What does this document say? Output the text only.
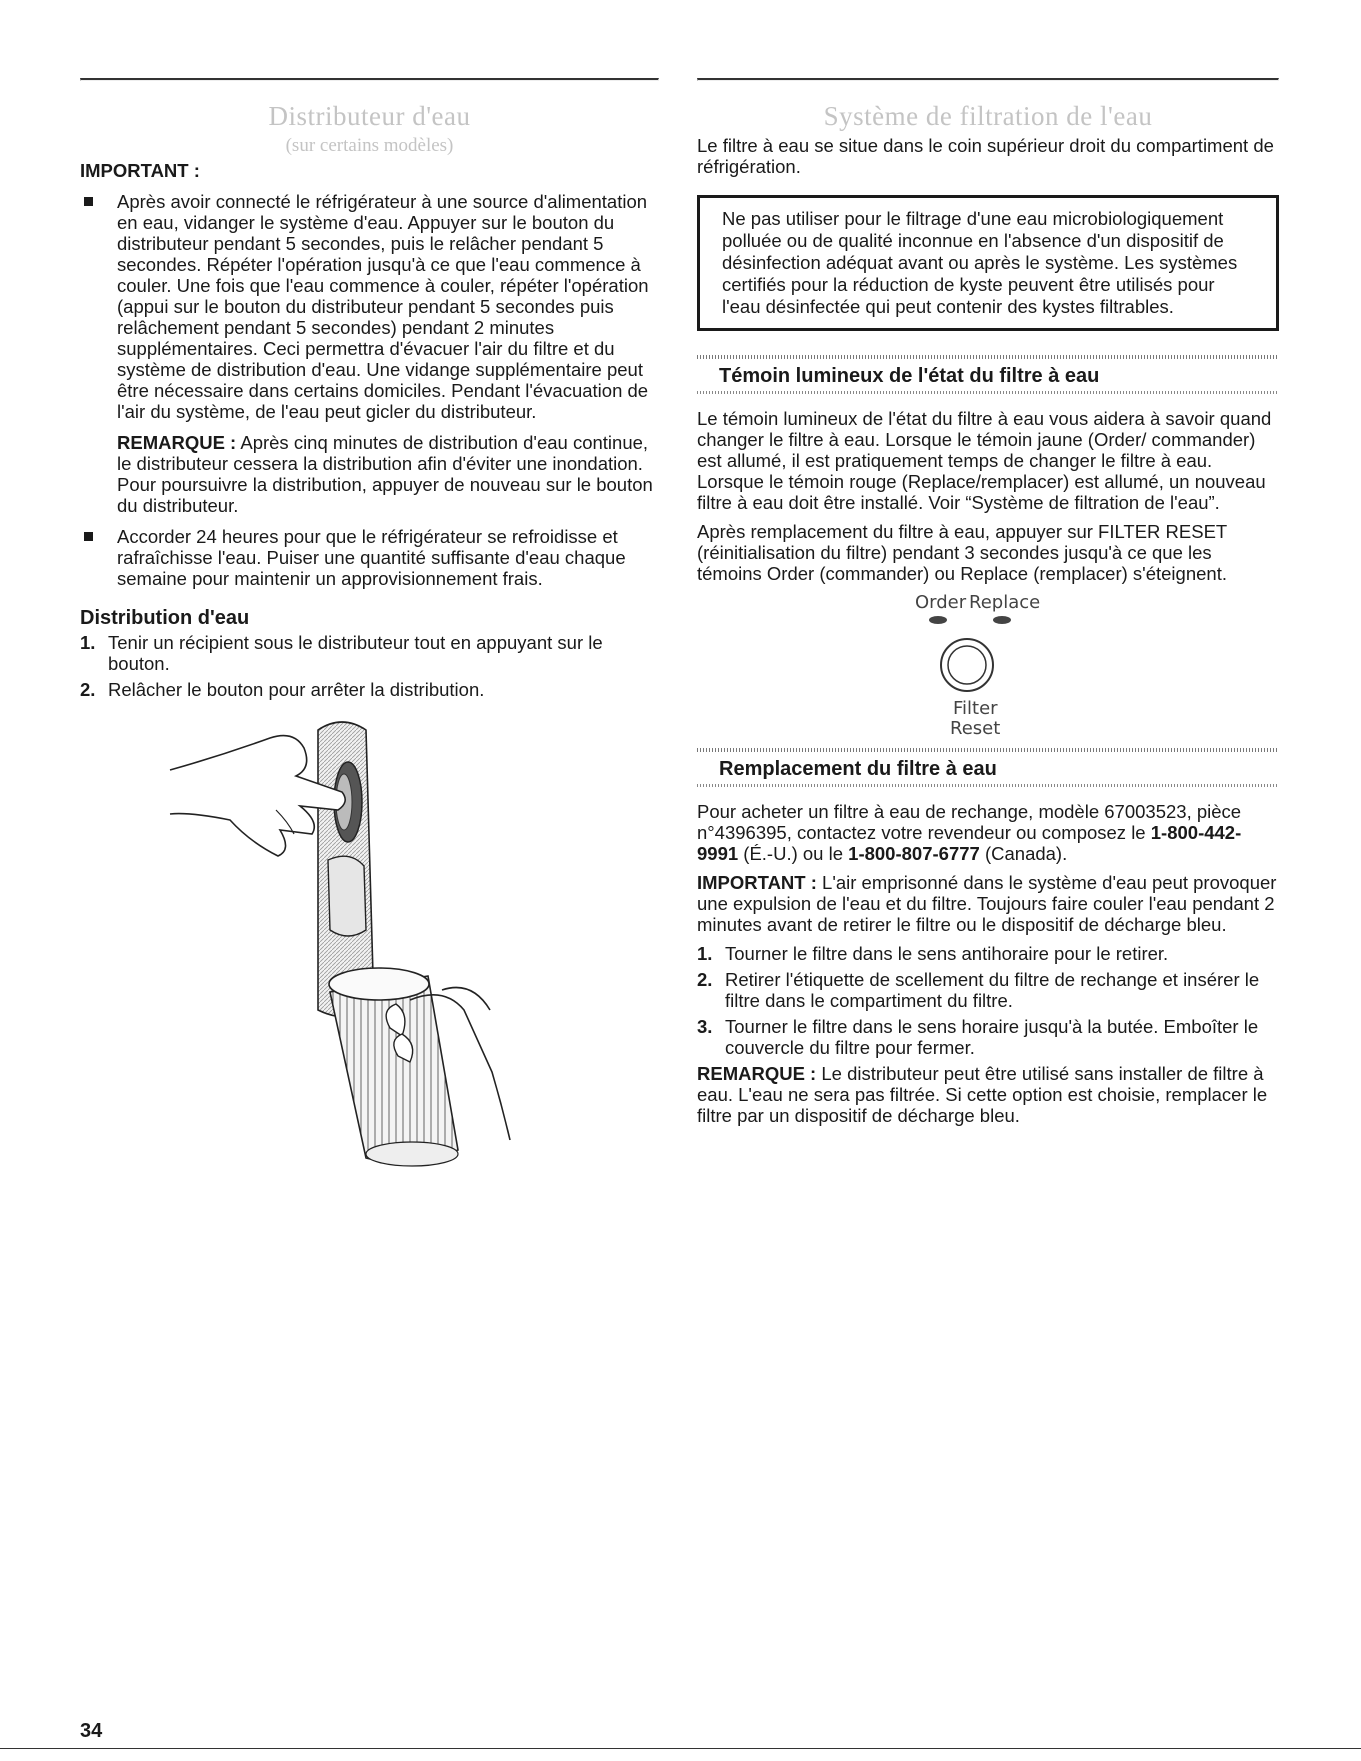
Distributeur d'eau
(sur certains modèles)

IMPORTANT :

Après avoir connecté le réfrigérateur à une source d'alimentation en eau, vidanger le système d'eau. Appuyer sur le bouton du distributeur pendant 5 secondes, puis le relâcher pendant 5 secondes. Répéter l'opération jusqu'à ce que l'eau commence à couler. Une fois que l'eau commence à couler, répéter l'opération (appui sur le bouton du distributeur pendant 5 secondes puis relâchement pendant 5 secondes) pendant 2 minutes supplémentaires. Ceci permettra d'évacuer l'air du filtre et du système de distribution d'eau. Une vidange supplémentaire peut être nécessaire dans certains domiciles. Pendant l'évacuation de l'air du système, de l'eau peut gicler du distributeur.

REMARQUE : Après cinq minutes de distribution d'eau continue, le distributeur cessera la distribution afin d'éviter une inondation. Pour poursuivre la distribution, appuyer de nouveau sur le bouton du distributeur.

Accorder 24 heures pour que le réfrigérateur se refroidisse et rafraîchisse l'eau. Puiser une quantité suffisante d'eau chaque semaine pour maintenir un approvisionnement frais.
Distribution d'eau
1. Tenir un récipient sous le distributeur tout en appuyant sur le bouton.
2. Relâcher le bouton pour arrêter la distribution.
Système de filtration de l'eau

Le filtre à eau se situe dans le coin supérieur droit du compartiment de réfrigération.

Ne pas utiliser pour le filtrage d'une eau microbiologiquement polluée ou de qualité inconnue en l'absence d'un dispositif de désinfection adéquat avant ou après le système. Les systèmes certifiés pour la réduction de kyste peuvent être utilisés pour l'eau désinfectée qui peut contenir des kystes filtrables.
Témoin lumineux de l'état du filtre à eau

Le témoin lumineux de l'état du filtre à eau vous aidera à savoir quand changer le filtre à eau. Lorsque le témoin jaune (Order/ commander) est allumé, il est pratiquement temps de changer le filtre à eau. Lorsque le témoin rouge (Replace/remplacer) est allumé, un nouveau filtre à eau doit être installé. Voir “Système de filtration de l'eau”.

Après remplacement du filtre à eau, appuyer sur FILTER RESET (réinitialisation du filtre) pendant 3 secondes jusqu'à ce que les témoins Order (commander) ou Replace (remplacer) s'éteignent.

Order Replace
Filter
Reset
Remplacement du filtre à eau

Pour acheter un filtre à eau de rechange, modèle 67003523, pièce n°4396395, contactez votre revendeur ou composez le 1-800-442-9991 (É.-U.) ou le 1-800-807-6777 (Canada).

IMPORTANT : L'air emprisonné dans le système d'eau peut provoquer une expulsion de l'eau et du filtre. Toujours faire couler l'eau pendant 2 minutes avant de retirer le filtre ou le dispositif de décharge bleu.

1. Tourner le filtre dans le sens antihoraire pour le retirer.
2. Retirer l'étiquette de scellement du filtre de rechange et insérer le filtre dans le compartiment du filtre.
3. Tourner le filtre dans le sens horaire jusqu'à la butée. Emboîter le couvercle du filtre pour fermer.

REMARQUE : Le distributeur peut être utilisé sans installer de filtre à eau. L'eau ne sera pas filtrée. Si cette option est choisie, remplacer le filtre par un dispositif de décharge bleu.

34
